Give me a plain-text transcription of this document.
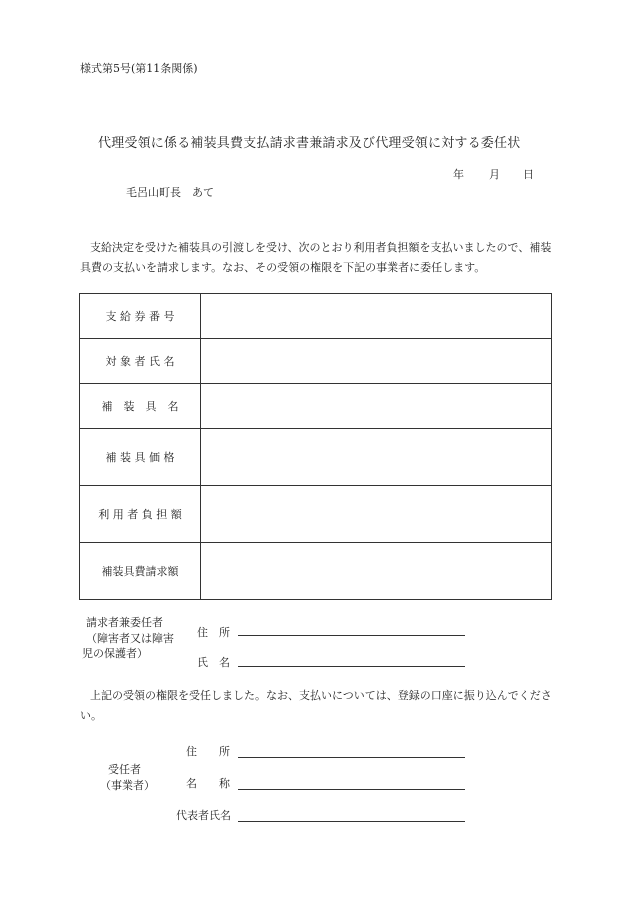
様式第5号(第11条関係)
代理受領に係る補装具費支払請求書兼請求及び代理受領に対する委任状
年 月 日
毛呂山町長　あて
支給決定を受けた補装具の引渡しを受け、次のとおり利用者負担額を支払いましたので、補装具費の支払いを請求します。なお、その受領の権限を下記の事業者に委任します。
支 給 券 番 号	
対 象 者 氏 名	
補　装　具　名	
補 装 具 価 格	
利 用 者 負 担 額	
補装具費請求額	
請求者兼委任者
（障害者又は障害
児の保護者）
住　所
氏　名
上記の受領の権限を受任しました。なお、支払いについては、登録の口座に振り込んでください。
住　　所
受任者
（事業者）	名　　称
代表者氏名
